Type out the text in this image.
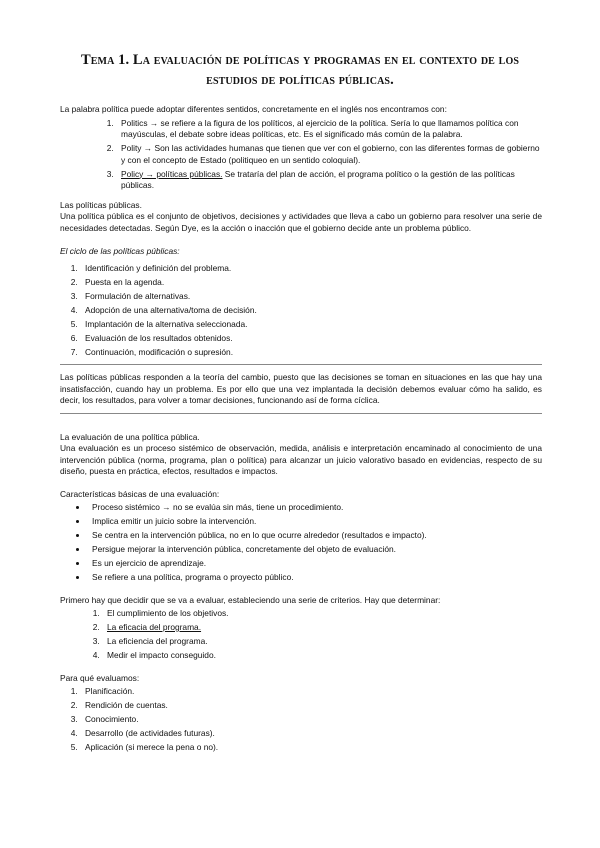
Tema 1. La evaluación de políticas y programas en el contexto de los estudios de políticas públicas.

La palabra política puede adoptar diferentes sentidos, concretamente en el inglés nos encontramos con:

1. Politics → se refiere a la figura de los políticos, al ejercicio de la política. Sería lo que llamamos política con mayúsculas, el debate sobre ideas políticas, etc. Es el significado más común de la palabra.
2. Polity → Son las actividades humanas que tienen que ver con el gobierno, con las diferentes formas de gobierno y con el concepto de Estado (politiqueo en un sentido coloquial).
3. Policy → políticas públicas. Se trataría del plan de acción, el programa político o la gestión de las políticas públicas.

Las políticas públicas.

Una política pública es el conjunto de objetivos, decisiones y actividades que lleva a cabo un gobierno para resolver una serie de necesidades detectadas. Según Dye, es la acción o inacción que el gobierno decide ante un problema público.

El ciclo de las políticas públicas:

1. Identificación y definición del problema.
2. Puesta en la agenda.
3. Formulación de alternativas.
4. Adopción de una alternativa/toma de decisión.
5. Implantación de la alternativa seleccionada.
6. Evaluación de los resultados obtenidos.
7. Continuación, modificación o supresión.

Las políticas públicas responden a la teoría del cambio, puesto que las decisiones se toman en situaciones en las que hay una insatisfacción, cuando hay un problema. Es por ello que una vez implantada la decisión debemos evaluar cómo ha salido, es decir, los resultados, para volver a tomar decisiones, funcionando así de forma cíclica.

La evaluación de una política pública.

Una evaluación es un proceso sistémico de observación, medida, análisis e interpretación encaminado al conocimiento de una intervención pública (norma, programa, plan o política) para alcanzar un juicio valorativo basado en evidencias, respecto de su diseño, puesta en práctica, efectos, resultados e impactos.

Características básicas de una evaluación:

• Proceso sistémico → no se evalúa sin más, tiene un procedimiento.
• Implica emitir un juicio sobre la intervención.
• Se centra en la intervención pública, no en lo que ocurre alrededor (resultados e impacto).
• Persigue mejorar la intervención pública, concretamente del objeto de evaluación.
• Es un ejercicio de aprendizaje.
• Se refiere a una política, programa o proyecto público.

Primero hay que decidir que se va a evaluar, estableciendo una serie de criterios. Hay que determinar:

1. El cumplimiento de los objetivos.
2. La eficacia del programa.
3. La eficiencia del programa.
4. Medir el impacto conseguido.

Para qué evaluamos:

1. Planificación.
2. Rendición de cuentas.
3. Conocimiento.
4. Desarrollo (de actividades futuras).
5. Aplicación (si merece la pena o no).
